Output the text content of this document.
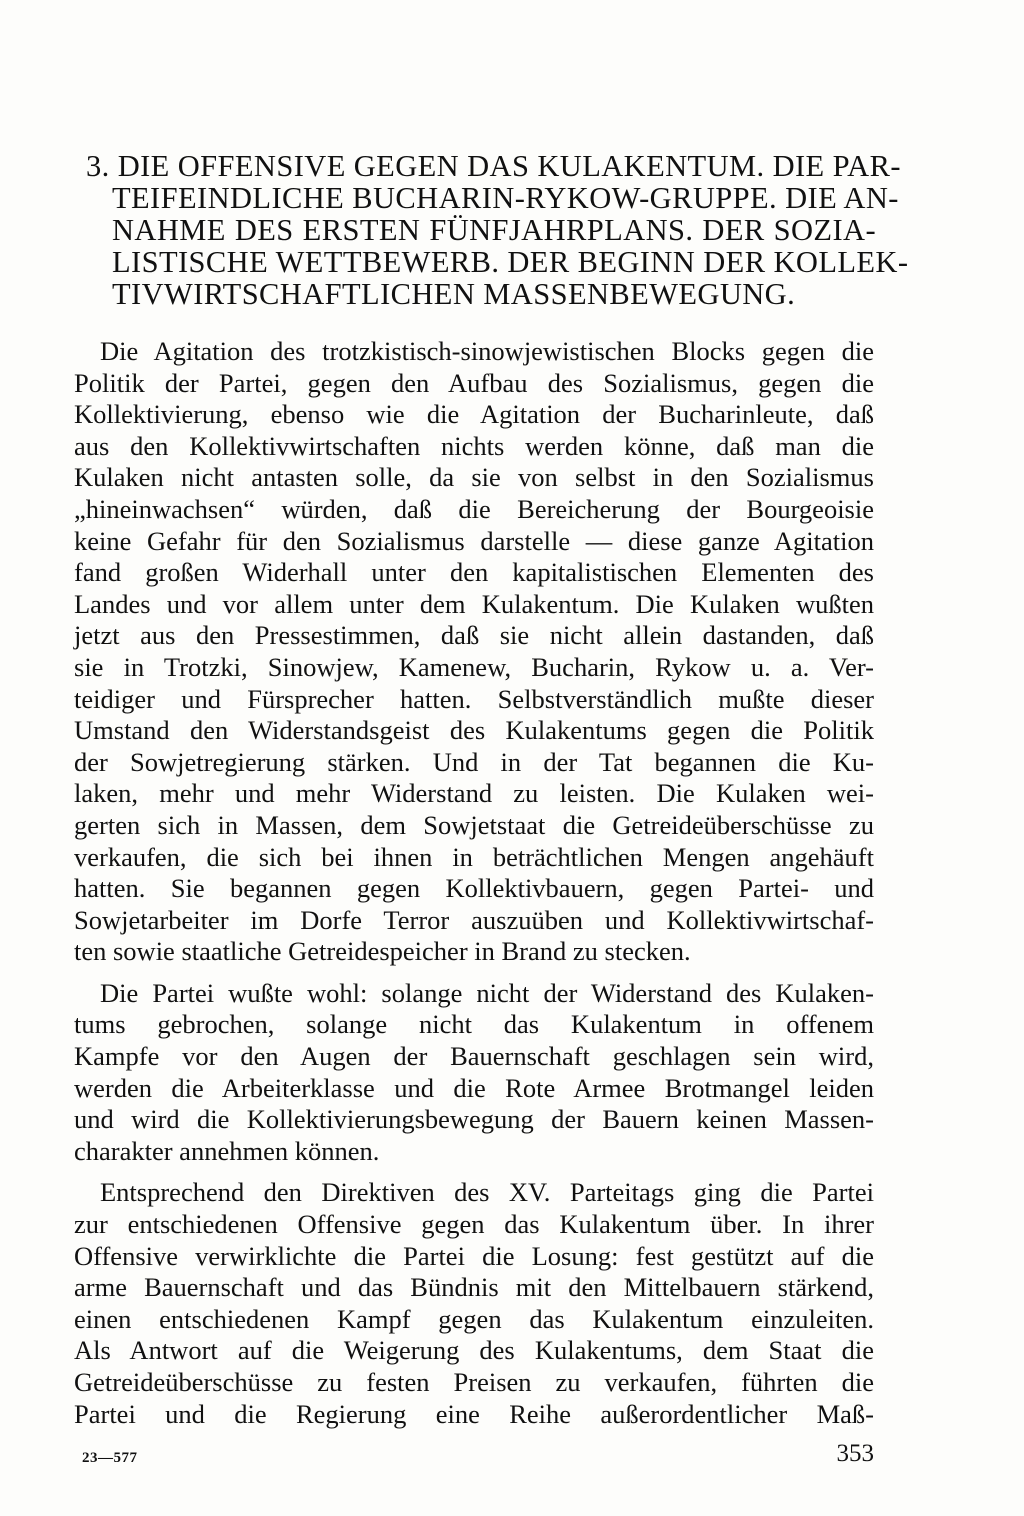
3. DIE OFFENSIVE GEGEN DAS KULAKENTUM. DIE PAR-
TEIFEINDLICHE BUCHARIN-RYKOW-GRUPPE. DIE AN-
NAHME DES ERSTEN FÜNFJAHRPLANS. DER SOZIA-
LISTISCHE WETTBEWERB. DER BEGINN DER KOLLEK-
TIVWIRTSCHAFTLICHEN MASSENBEWEGUNG.
Die Agitation des trotzkistisch-sinowjewistischen Blocks gegen die
Politik der Partei, gegen den Aufbau des Sozialismus, gegen die
Kollektivierung, ebenso wie die Agitation der Bucharinleute, daß
aus den Kollektivwirtschaften nichts werden könne, daß man die
Kulaken nicht antasten solle, da sie von selbst in den Sozialismus
„hineinwachsen“ würden, daß die Bereicherung der Bourgeoisie
keine Gefahr für den Sozialismus darstelle — diese ganze Agitation
fand großen Widerhall unter den kapitalistischen Elementen des
Landes und vor allem unter dem Kulakentum. Die Kulaken wußten
jetzt aus den Pressestimmen, daß sie nicht allein dastanden, daß
sie in Trotzki, Sinowjew, Kamenew, Bucharin, Rykow u. a. Ver-
teidiger und Fürsprecher hatten. Selbstverständlich mußte dieser
Umstand den Widerstandsgeist des Kulakentums gegen die Politik
der Sowjetregierung stärken. Und in der Tat begannen die Ku-
laken, mehr und mehr Widerstand zu leisten. Die Kulaken wei-
gerten sich in Massen, dem Sowjetstaat die Getreideüberschüsse zu
verkaufen, die sich bei ihnen in beträchtlichen Mengen angehäuft
hatten. Sie begannen gegen Kollektivbauern, gegen Partei- und
Sowjetarbeiter im Dorfe Terror auszuüben und Kollektivwirtschaf-
ten sowie staatliche Getreidespeicher in Brand zu stecken.
Die Partei wußte wohl: solange nicht der Widerstand des Kulaken-
tums gebrochen, solange nicht das Kulakentum in offenem
Kampfe vor den Augen der Bauernschaft geschlagen sein wird,
werden die Arbeiterklasse und die Rote Armee Brotmangel leiden
und wird die Kollektivierungsbewegung der Bauern keinen Massen-
charakter annehmen können.
Entsprechend den Direktiven des XV. Parteitags ging die Partei
zur entschiedenen Offensive gegen das Kulakentum über. In ihrer
Offensive verwirklichte die Partei die Losung: fest gestützt auf die
arme Bauernschaft und das Bündnis mit den Mittelbauern stärkend,
einen entschiedenen Kampf gegen das Kulakentum einzuleiten.
Als Antwort auf die Weigerung des Kulakentums, dem Staat die
Getreideüberschüsse zu festen Preisen zu verkaufen, führten die
Partei und die Regierung eine Reihe außerordentlicher Maß-
23—577	353
